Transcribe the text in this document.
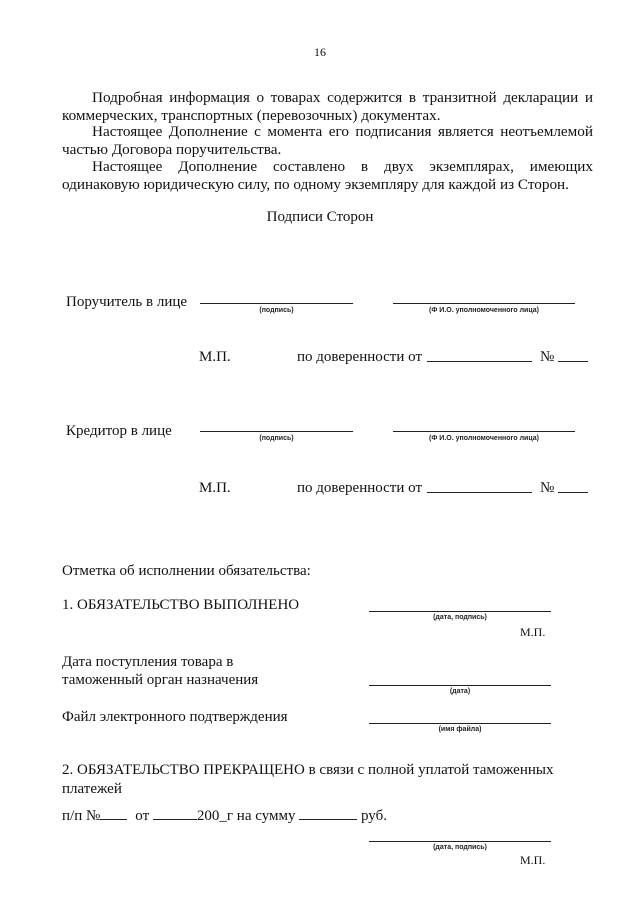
16
Подробная информация о товарах содержится в транзитной декларации и
коммерческих, транспортных (перевозочных) документах.
Настоящее Дополнение с момента его подписания является неотъемлемой
частью Договора поручительства.
Настоящее Дополнение составлено в двух экземплярах, имеющих
одинаковую юридическую силу, по одному экземпляру для каждой из Сторон.
Подписи Сторон
Поручитель в лице
(подпись)	(Ф И.О. уполномоченного лица)
М.П.	по доверенности от	№
Кредитор в лице	(подпись)	(Ф И.О. уполномоченного лица)
М.П.	по доверенности от	№
Отметка об исполнении обязательства:
1. ОБЯЗАТЕЛЬСТВО ВЫПОЛНЕНО
(дата, подпись)
М.П.
Дата поступления товара в
таможенный орган назначения
(дата)
Файл электронного подтверждения
(имя файла)
2. ОБЯЗАТЕЛЬСТВО ПРЕКРАЩЕНО в связи с полной уплатой таможенных
платежей
п/п № от	200_г на сумму	руб.
(дата, подпись)
М.П.
